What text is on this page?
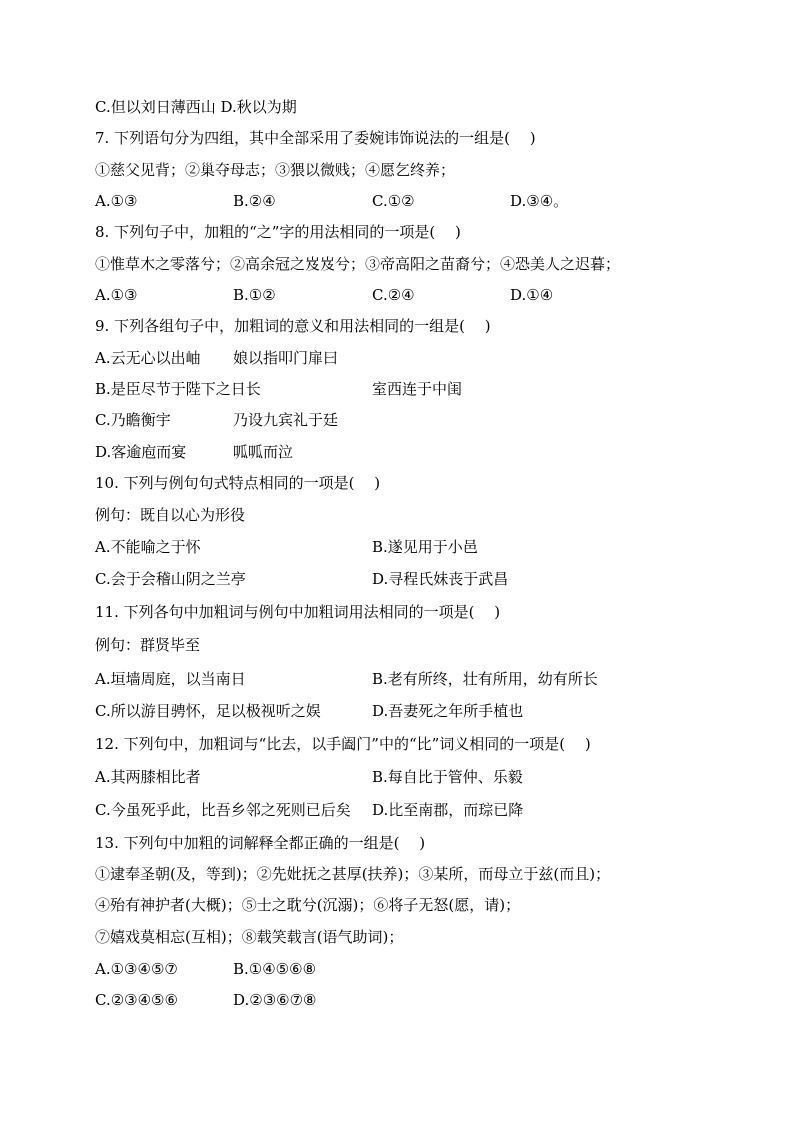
C.但以刘日薄西山 D.秋以为期
7. 下列语句分为四组，其中全部采用了委婉讳饰说法的一组是(　 )
①慈父见背；②巢夺母志；③猥以微贱；④愿乞终养；
A.①③	B.②④	C.①②	D.③④。
8. 下列句子中，加粗的“之”字的用法相同的一项是(　 )
①惟草木之零落兮；②高余冠之岌岌兮；③帝高阳之苗裔兮；④恐美人之迟暮；
A.①③	B.①②	C.②④	D.①④
9. 下列各组句子中，加粗词的意义和用法相同的一组是(　 )
A.云无心以出岫 娘以指叩门扉曰
B.是臣尽节于陛下之日长	室西连于中闺
C.乃瞻衡宇	乃设九宾礼于廷
D.客逾庖而宴	呱呱而泣
10. 下列与例句句式特点相同的一项是(　 )
例句：既自以心为形役
A.不能喻之于怀	B.遂见用于小邑
C.会于会稽山阴之兰亭	D.寻程氏妹丧于武昌
11. 下列各句中加粗词与例句中加粗词用法相同的一项是(　 )
例句：群贤毕至
A.垣墙周庭，以当南日	B.老有所终，壮有所用，幼有所长
C.所以游目骋怀，足以极视听之娱	D.吾妻死之年所手植也
12. 下列句中，加粗词与“比去，以手阖门”中的“比”词义相同的一项是(　 )
A.其两膝相比者	B.每自比于管仲、乐毅
C.今虽死乎此，比吾乡邻之死则已后矣 D.比至南郡，而琮已降
13. 下列句中加粗的词解释全都正确的一组是(　 )
①逮奉圣朝(及，等到)；②先妣抚之甚厚(扶养)；③某所，而母立于兹(而且)；
④殆有神护者(大概)；⑤士之耽兮(沉溺)；⑥将子无怒(愿，请)；
⑦嬉戏莫相忘(互相)；⑧载笑载言(语气助词)；
A.①③④⑤⑦	B.①④⑤⑥⑧
C.②③④⑤⑥	D.②③⑥⑦⑧
